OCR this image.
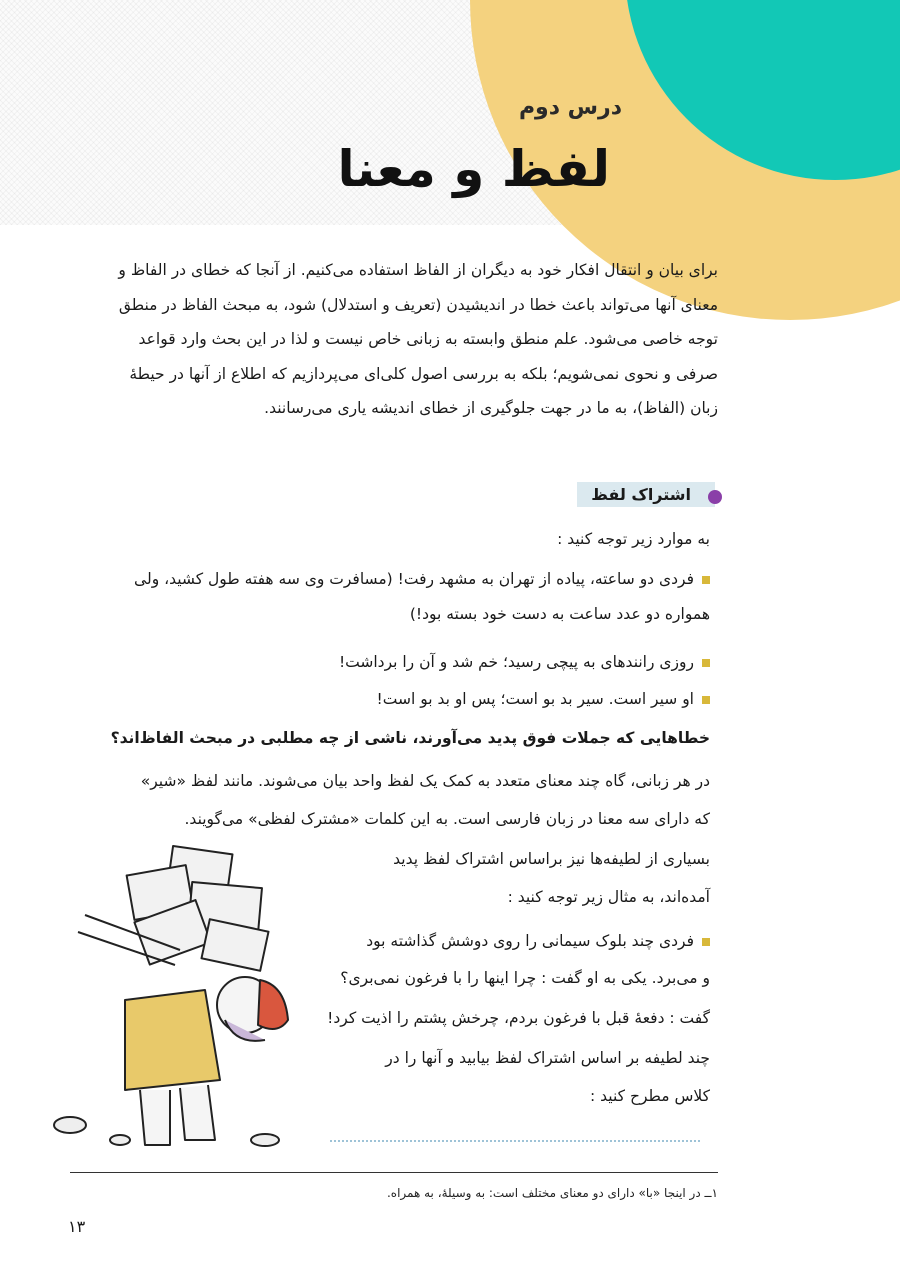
درس دوم
لفظ و معنا
برای بیان و انتقال افکار خود به دیگران از الفاظ استفاده می‌کنیم. از آنجا که خطای در الفاظ و
معنای آنها می‌تواند باعث خطا در اندیشیدن (تعریف و استدلال) شود، به مبحث الفاظ در منطق
توجه خاصی می‌شود. علم منطق وابسته به زبانی خاص نیست و لذا در این بحث وارد قواعد
صرفی و نحوی نمی‌شویم؛ بلکه به بررسی اصول کلی‌ای می‌پردازیم که اطلاع از آنها در حیطهٔ
زبان (الفاظ)، به ما در جهت جلوگیری از خطای اندیشه یاری می‌رسانند.
اشتراک لفظ
به موارد زیر توجه کنید :
فردی دو ساعته، پیاده از تهران به مشهد رفت! (مسافرت وی سه هفته طول کشید، ولی
همواره دو عدد ساعت به دست خود بسته بود!)
روزی رانندهای به پیچی رسید؛ خم شد و آن را برداشت!
او سیر است. سیر بد بو است؛ پس او بد بو است!
خطاهایی که جملات فوق پدید می‌آورند، ناشی از چه مطلبی در مبحث الفاظ‌اند؟
در هر زبانی، گاه چند معنای متعدد به کمک یک لفظ واحد بیان می‌شوند. مانند لفظ «شیر»
که دارای سه معنا در زبان فارسی است. به این کلمات «مشترک لفظی» می‌گویند.
بسیاری از لطیفه‌ها نیز براساس اشتراک لفظ پدید
آمده‌اند، به مثال زیر توجه کنید :
فردی چند بلوک سیمانی را روی دوشش گذاشته بود
و می‌برد. یکی به او گفت : چرا اینها را با فرغون نمی‌بری؟
گفت : دفعهٔ قبل با فرغون بردم، چرخش پشتم را اذیت کرد!
چند لطیفه بر اساس اشتراک لفظ بیابید و آنها را در
کلاس مطرح کنید :
۱ــ در اینجا «با» دارای دو معنای مختلف است: به وسیلهٔ، به همراه.
۱۳
